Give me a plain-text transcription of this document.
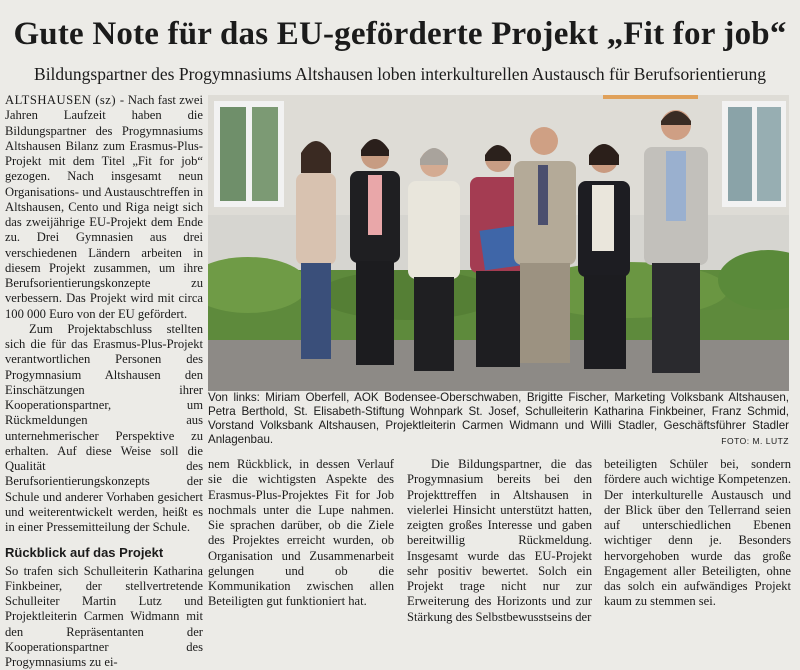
Gute Note für das EU-geförderte Projekt „Fit for job“
Bildungspartner des Progymnasiums Altshausen loben interkulturellen Austausch für Berufsorientierung

ALTSHAUSEN (sz) - Nach fast zwei Jahren Laufzeit haben die Bildungspartner des Progymnasiums Altshausen Bilanz zum Erasmus-Plus-Projekt mit dem Titel „Fit for job“ gezogen. Nach insgesamt neun Organisations- und Austauschtreffen in Altshausen, Cento und Riga neigt sich das zweijährige EU-Projekt dem Ende zu. Drei Gymnasien aus drei verschiedenen Ländern arbeiten in diesem Projekt zusammen, um ihre Berufsorientierungskonzepte zu verbessern. Das Projekt wird mit circa 100 000 Euro von der EU gefördert.

Zum Projektabschluss stellten sich die für das Erasmus-Plus-Projekt verantwortlichen Personen des Progymnasium Altshausen den Einschätzungen ihrer Kooperationspartner, um Rückmeldungen aus unternehmerischer Perspektive zu erhalten. Auf diese Weise soll die Qualität des Berufsorientierungskonzepts der Schule und anderer Vorhaben gesichert und weiterentwickelt werden, heißt es in einer Pressemitteilung der Schule.

Rückblick auf das Projekt

So trafen sich Schulleiterin Katharina Finkbeiner, der stellvertretende Schulleiter Martin Lutz und Projektleiterin Carmen Widmann mit den Repräsentanten der Kooperationspartner des Progymnasiums zu ei-

Von links: Miriam Oberfell, AOK Bodensee-Oberschwaben, Brigitte Fischer, Marketing Volksbank Altshausen, Petra Berthold, St. Elisabeth-Stiftung Wohnpark St. Josef, Schulleiterin Katharina Finkbeiner, Franz Schmid, Vorstand Volksbank Altshausen, Projektleiterin Carmen Widmann und Willi Stadler, Geschäftsführer Stadler Anlagenbau.	FOTO: M. LUTZ

nem Rückblick, in dessen Verlauf sie die wichtigsten Aspekte des Erasmus-Plus-Projektes Fit for Job nochmals unter die Lupe nahmen. Sie sprachen darüber, ob die Ziele des Projektes erreicht wurden, ob Organisation und Zusammenarbeit gelungen und ob die Kommunikation zwischen allen Beteiligten gut funktioniert hat.

Die Bildungspartner, die das Progymnasium bereits bei den Projekttreffen in Altshausen in vielerlei Hinsicht unterstützt hatten, zeigten großes Interesse und gaben bereitwillig Rückmeldung. Insgesamt wurde das EU-Projekt sehr positiv bewertet. Solch ein Projekt trage nicht nur zur Erweiterung des Horizonts und zur Stärkung des Selbstbewusstseins der

beteiligten Schüler bei, sondern fördere auch wichtige Kompetenzen. Der interkulturelle Austausch und der Blick über den Tellerrand seien auf unterschiedlichen Ebenen wichtiger denn je. Besonders hervorgehoben wurde das große Engagement aller Beteiligten, ohne das solch ein aufwändiges Projekt kaum zu stemmen sei.
